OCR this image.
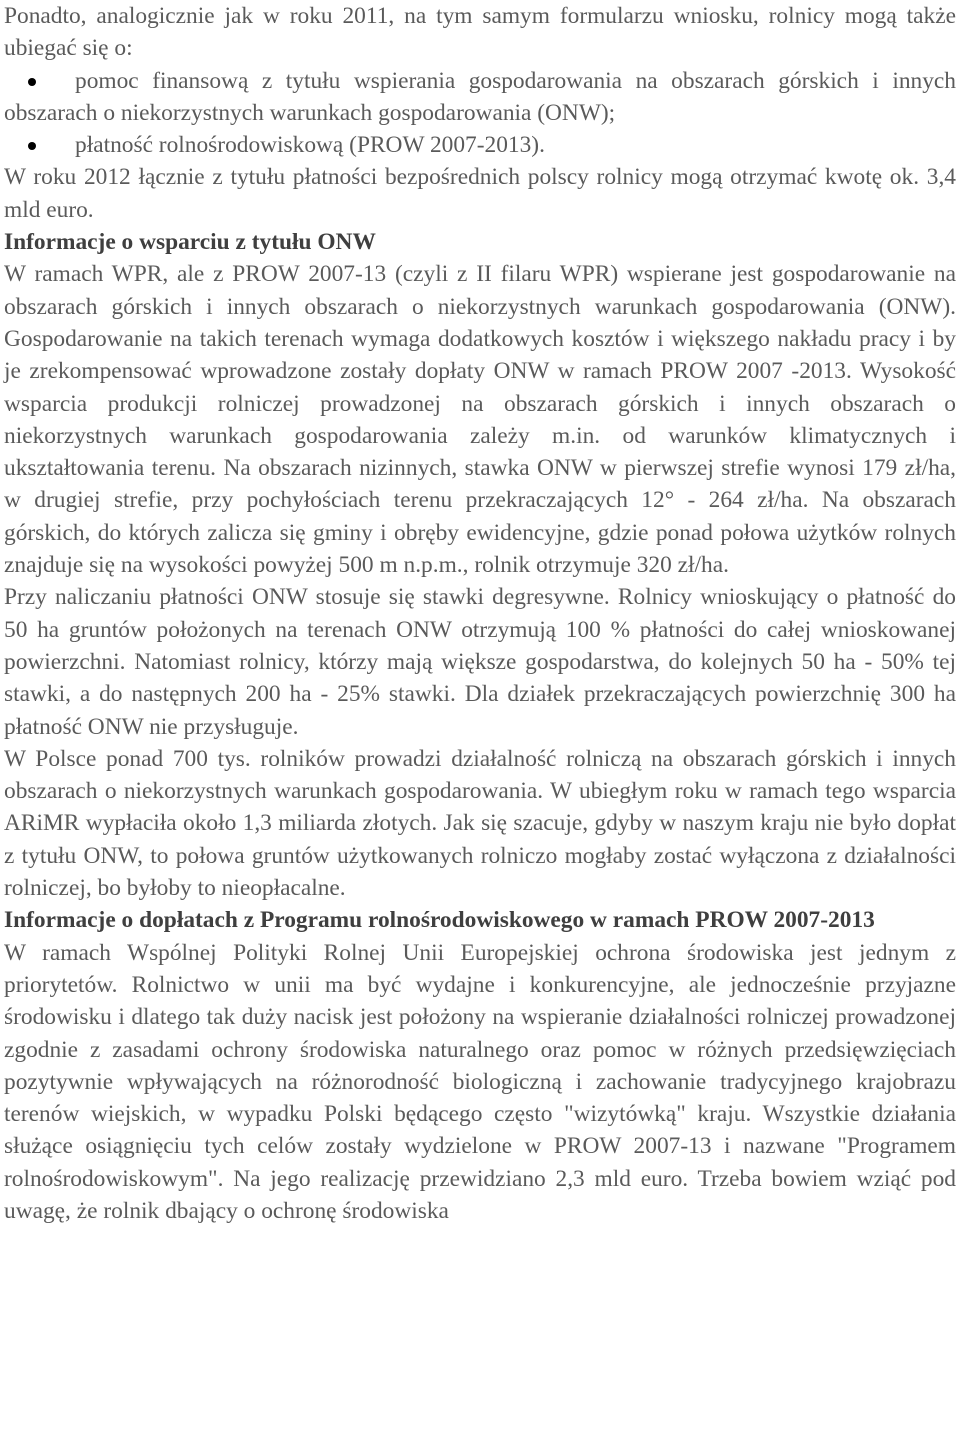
Ponadto, analogicznie jak w roku 2011, na tym samym formularzu wniosku, rolnicy mogą także ubiegać się o:

pomoc finansową z tytułu wspierania gospodarowania na obszarach górskich i innych obszarach o niekorzystnych warunkach gospodarowania (ONW);
płatność rolnośrodowiskową (PROW 2007-2013).

W roku 2012 łącznie z tytułu płatności bezpośrednich polscy rolnicy mogą otrzymać kwotę ok. 3,4 mld euro.

Informacje o wsparciu z tytułu ONW

W ramach WPR, ale z PROW 2007-13 (czyli z II filaru WPR) wspierane jest gospodarowanie na obszarach górskich i innych obszarach o niekorzystnych warunkach gospodarowania (ONW). Gospodarowanie na takich terenach wymaga dodatkowych kosztów i większego nakładu pracy i by je zrekompensować wprowadzone zostały dopłaty ONW w ramach PROW 2007 -2013. Wysokość wsparcia produkcji rolniczej prowadzonej na obszarach górskich i innych obszarach o niekorzystnych warunkach gospodarowania zależy m.in. od warunków klimatycznych i ukształtowania terenu. Na obszarach nizinnych, stawka ONW w pierwszej strefie wynosi 179 zł/ha, w drugiej strefie, przy pochyłościach terenu przekraczających 12° - 264 zł/ha. Na obszarach górskich, do których zalicza się gminy i obręby ewidencyjne, gdzie ponad połowa użytków rolnych znajduje się na wysokości powyżej 500 m n.p.m., rolnik otrzymuje 320 zł/ha.

Przy naliczaniu płatności ONW stosuje się stawki degresywne. Rolnicy wnioskujący o płatność do 50 ha gruntów położonych na terenach ONW otrzymują 100 % płatności do całej wnioskowanej powierzchni. Natomiast rolnicy, którzy mają większe gospodarstwa, do kolejnych 50 ha - 50% tej stawki, a do następnych 200 ha - 25% stawki. Dla działek przekraczających powierzchnię 300 ha płatność ONW nie przysługuje.

W Polsce ponad 700 tys. rolników prowadzi działalność rolniczą na obszarach górskich i innych obszarach o niekorzystnych warunkach gospodarowania. W ubiegłym roku w ramach tego wsparcia ARiMR wypłaciła około 1,3 miliarda złotych. Jak się szacuje, gdyby w naszym kraju nie było dopłat z tytułu ONW, to połowa gruntów użytkowanych rolniczo mogłaby zostać wyłączona z działalności rolniczej, bo byłoby to nieopłacalne.

Informacje o dopłatach z Programu rolnośrodowiskowego w ramach PROW 2007-2013

W ramach Wspólnej Polityki Rolnej Unii Europejskiej ochrona środowiska jest jednym z priorytetów. Rolnictwo w unii ma być wydajne i konkurencyjne, ale jednocześnie przyjazne środowisku i dlatego tak duży nacisk jest położony na wspieranie działalności rolniczej prowadzonej zgodnie z zasadami ochrony środowiska naturalnego oraz pomoc w różnych przedsięwzięciach pozytywnie wpływających na różnorodność biologiczną i zachowanie tradycyjnego krajobrazu terenów wiejskich, w wypadku Polski będącego często "wizytówką" kraju. Wszystkie działania służące osiągnięciu tych celów zostały wydzielone w PROW 2007-13 i nazwane "Programem rolnośrodowiskowym". Na jego realizację przewidziano 2,3 mld euro. Trzeba bowiem wziąć pod uwagę, że rolnik dbający o ochronę środowiska
